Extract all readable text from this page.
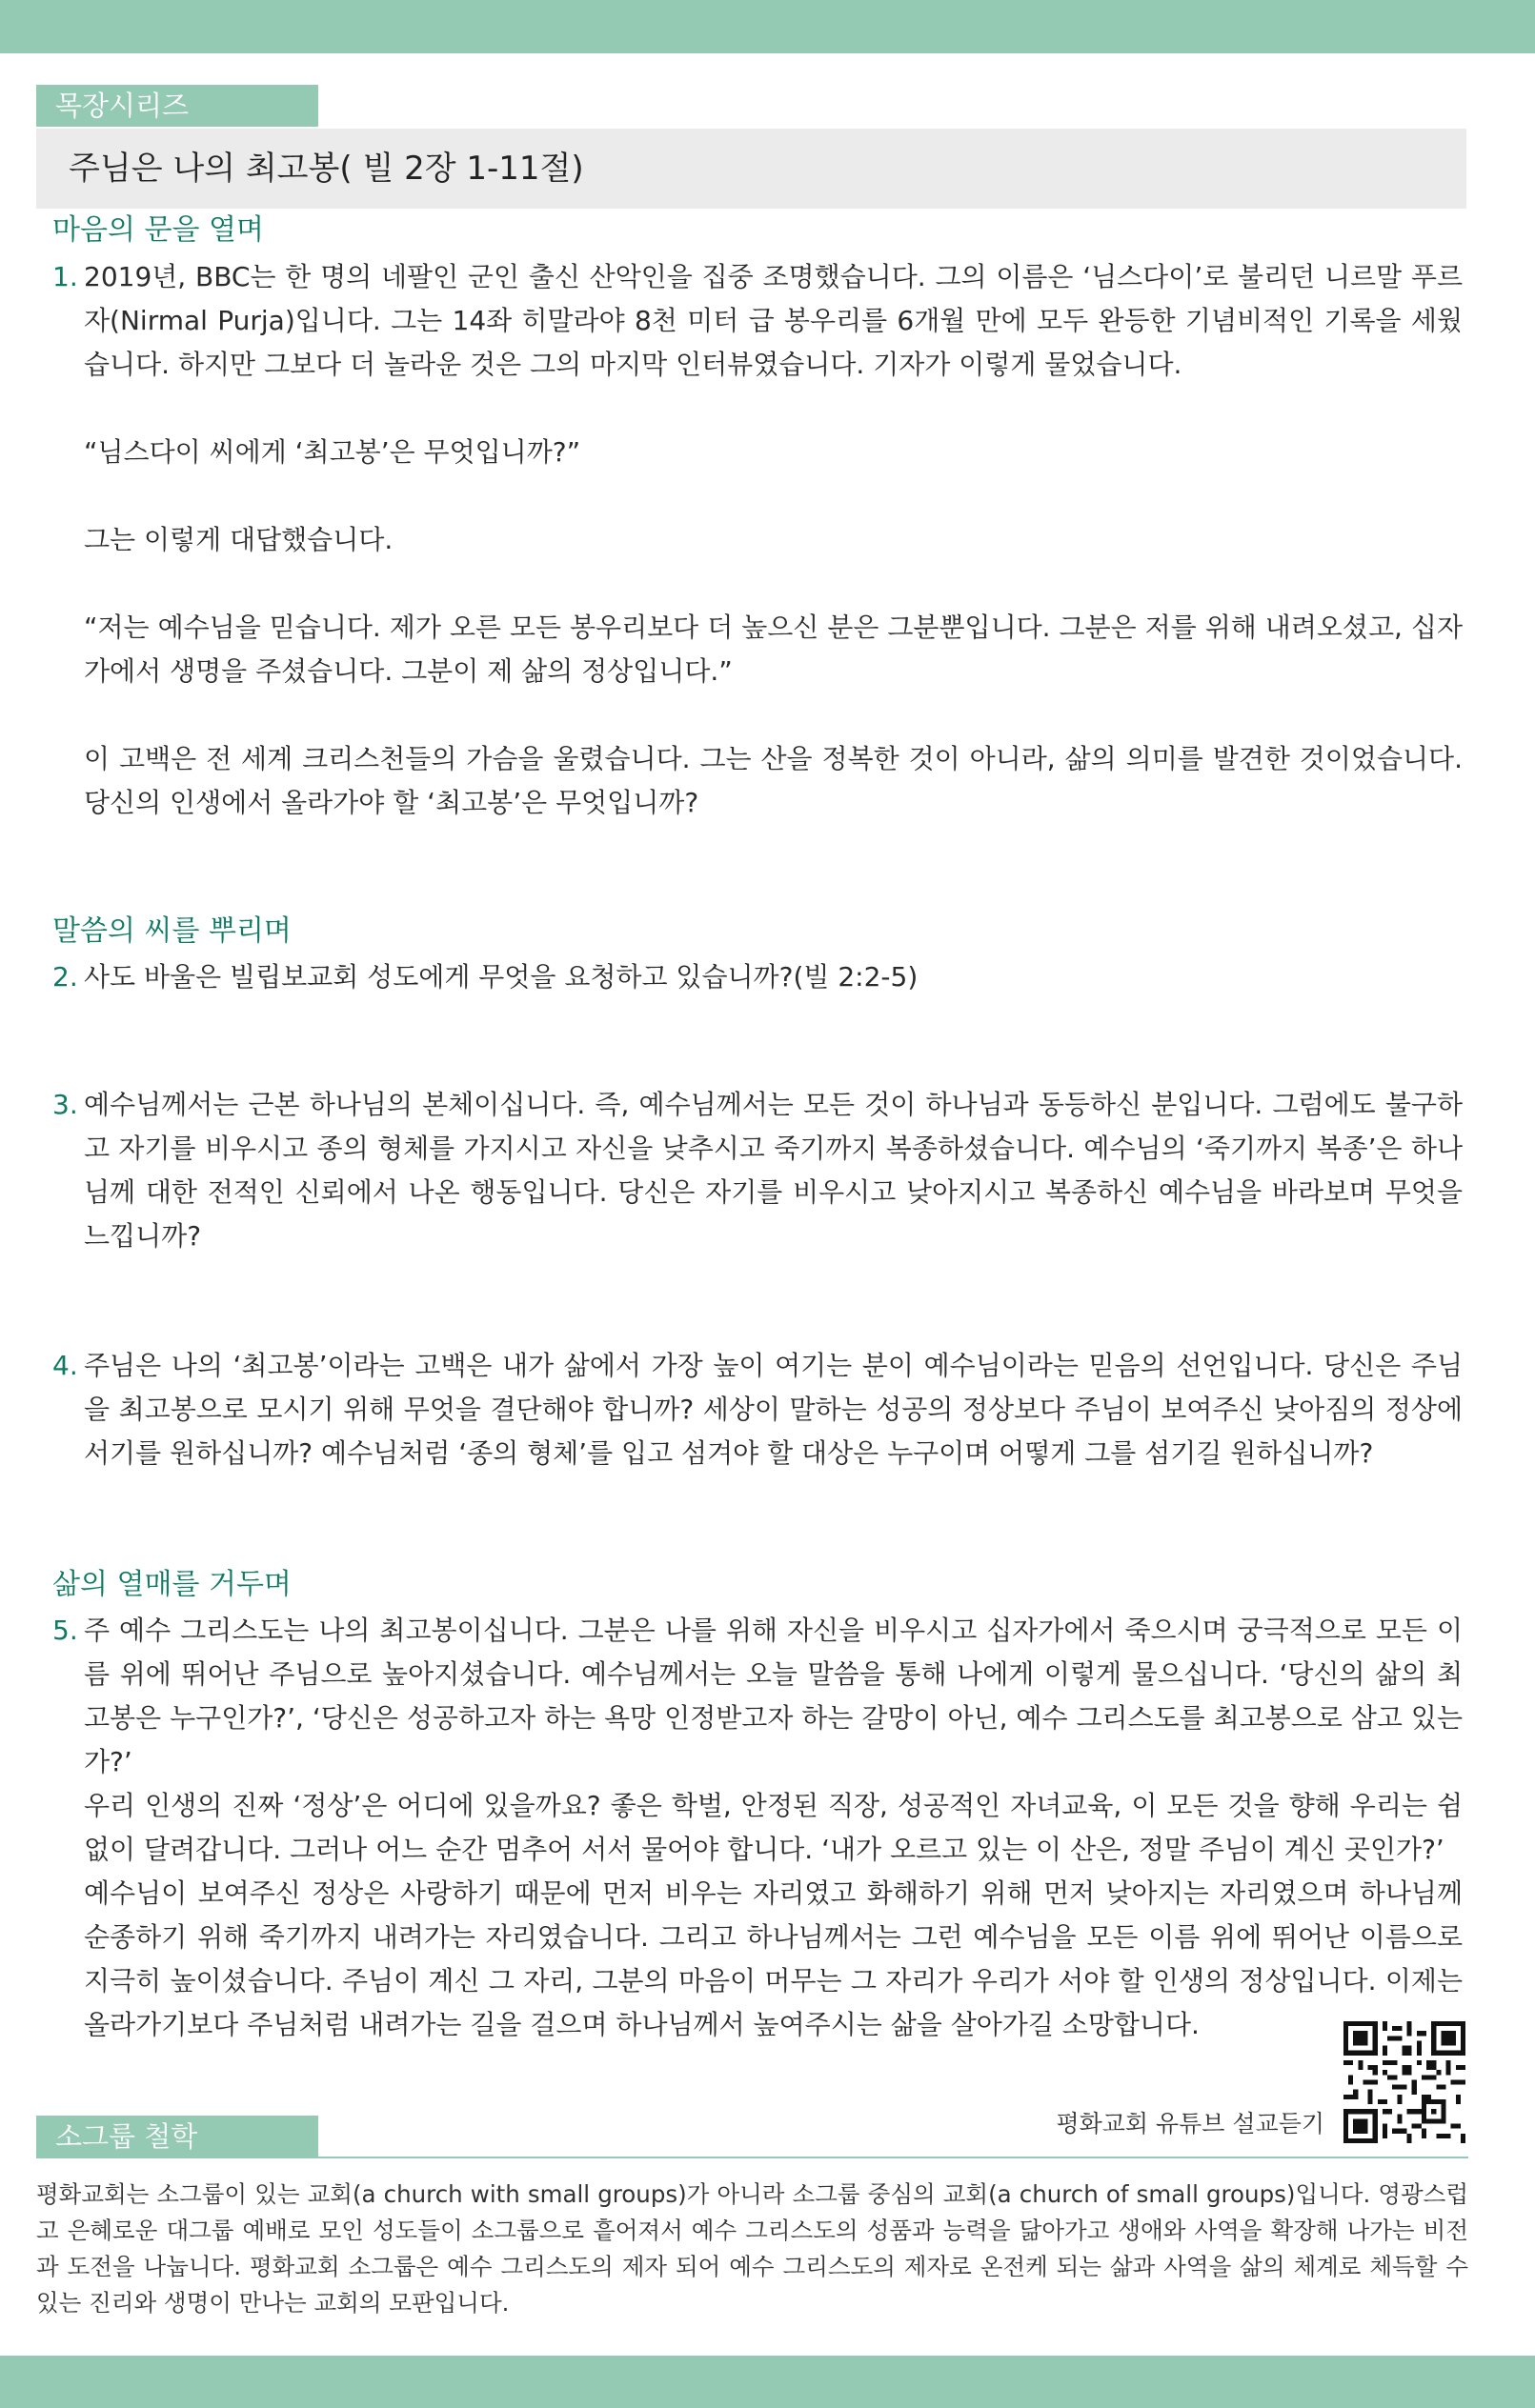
목장시리즈
주님은 나의 최고봉( 빌 2장 1-11절)
마음의 문을 열며
1. 2019년, BBC는 한 명의 네팔인 군인 출신 산악인을 집중 조명했습니다. 그의 이름은 ‘님스다이’로 불리던 니르말 푸르자(Nirmal Purja)입니다. 그는 14좌 히말라야 8천 미터 급 봉우리를 6개월 만에 모두 완등한 기념비적인 기록을 세웠습니다. 하지만 그보다 더 놀라운 것은 그의 마지막 인터뷰였습니다. 기자가 이렇게 물었습니다.

“님스다이 씨에게 ‘최고봉’은 무엇입니까?”

그는 이렇게 대답했습니다.

“저는 예수님을 믿습니다. 제가 오른 모든 봉우리보다 더 높으신 분은 그분뿐입니다. 그분은 저를 위해 내려오셨고, 십자가에서 생명을 주셨습니다. 그분이 제 삶의 정상입니다.”

이 고백은 전 세계 크리스천들의 가슴을 울렸습니다. 그는 산을 정복한 것이 아니라, 삶의 의미를 발견한 것이었습니다. 당신의 인생에서 올라가야 할 ‘최고봉’은 무엇입니까?

말씀의 씨를 뿌리며
2. 사도 바울은 빌립보교회 성도에게 무엇을 요청하고 있습니까?(빌 2:2-5)

3. 예수님께서는 근본 하나님의 본체이십니다. 즉, 예수님께서는 모든 것이 하나님과 동등하신 분입니다. 그럼에도 불구하고 자기를 비우시고 종의 형체를 가지시고 자신을 낮추시고 죽기까지 복종하셨습니다. 예수님의 ‘죽기까지 복종’은 하나님께 대한 전적인 신뢰에서 나온 행동입니다. 당신은 자기를 비우시고 낮아지시고 복종하신 예수님을 바라보며 무엇을 느낍니까?

4. 주님은 나의 ‘최고봉’이라는 고백은 내가 삶에서 가장 높이 여기는 분이 예수님이라는 믿음의 선언입니다. 당신은 주님을 최고봉으로 모시기 위해 무엇을 결단해야 합니까? 세상이 말하는 성공의 정상보다 주님이 보여주신 낮아짐의 정상에 서기를 원하십니까? 예수님처럼 ‘종의 형체’를 입고 섬겨야 할 대상은 누구이며 어떻게 그를 섬기길 원하십니까?

삶의 열매를 거두며
5. 주 예수 그리스도는 나의 최고봉이십니다. 그분은 나를 위해 자신을 비우시고 십자가에서 죽으시며 궁극적으로 모든 이름 위에 뛰어난 주님으로 높아지셨습니다. 예수님께서는 오늘 말씀을 통해 나에게 이렇게 물으십니다. ‘당신의 삶의 최고봉은 누구인가?’, ‘당신은 성공하고자 하는 욕망 인정받고자 하는 갈망이 아닌, 예수 그리스도를 최고봉으로 삼고 있는가?’

우리 인생의 진짜 ‘정상’은 어디에 있을까요? 좋은 학벌, 안정된 직장, 성공적인 자녀교육, 이 모든 것을 향해 우리는 쉼 없이 달려갑니다. 그러나 어느 순간 멈추어 서서 물어야 합니다. ‘내가 오르고 있는 이 산은, 정말 주님이 계신 곳인가?’

예수님이 보여주신 정상은 사랑하기 때문에 먼저 비우는 자리였고 화해하기 위해 먼저 낮아지는 자리였으며 하나님께 순종하기 위해 죽기까지 내려가는 자리였습니다. 그리고 하나님께서는 그런 예수님을 모든 이름 위에 뛰어난 이름으로 지극히 높이셨습니다. 주님이 계신 그 자리, 그분의 마음이 머무는 그 자리가 우리가 서야 할 인생의 정상입니다. 이제는 올라가기보다 주님처럼 내려가는 길을 걸으며 하나님께서 높여주시는 삶을 살아가길 소망합니다.

평화교회 유튜브 설교듣기
소그룹 철학

평화교회는 소그룹이 있는 교회(a church with small groups)가 아니라 소그룹 중심의 교회(a church of small groups)입니다. 영광스럽고 은혜로운 대그룹 예배로 모인 성도들이 소그룹으로 흩어져서 예수 그리스도의 성품과 능력을 닮아가고 생애와 사역을 확장해 나가는 비전과 도전을 나눕니다. 평화교회 소그룹은 예수 그리스도의 제자 되어 예수 그리스도의 제자로 온전케 되는 삶과 사역을 삶의 체계로 체득할 수 있는 진리와 생명이 만나는 교회의 모판입니다.
